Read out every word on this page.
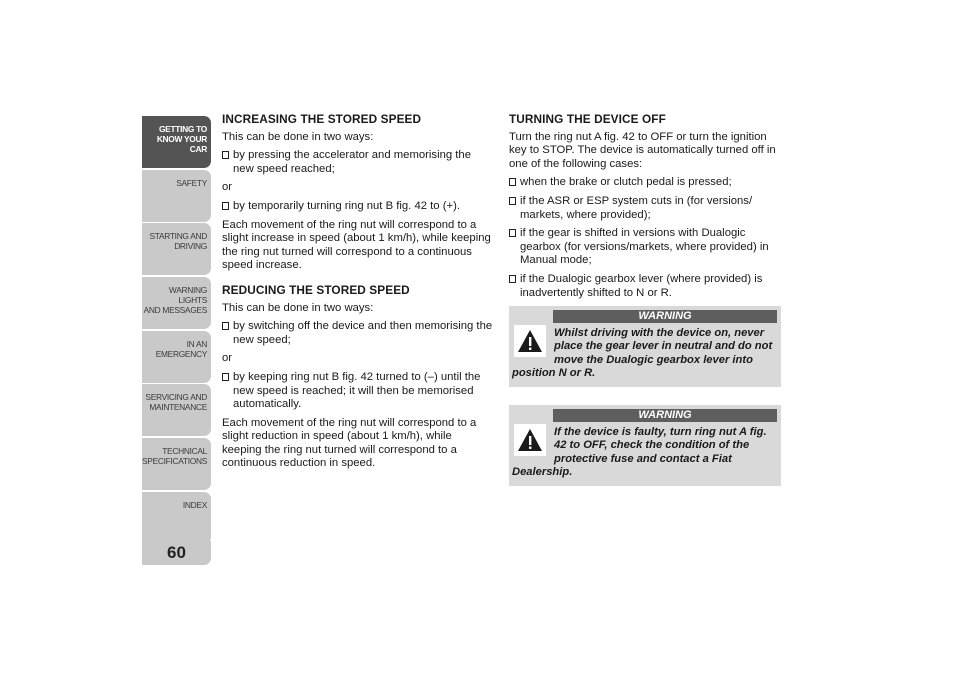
GETTING TO
KNOW YOUR CAR
SAFETY
STARTING AND
DRIVING
WARNING LIGHTS
AND MESSAGES
IN AN EMERGENCY
SERVICING AND
MAINTENANCE
TECHNICAL
SPECIFICATIONS
INDEX
60
INCREASING THE STORED SPEED

This can be done in two ways:

by pressing the accelerator and memorising the new speed reached;

or

by temporarily turning ring nut B fig. 42 to (+).

Each movement of the ring nut will correspond to a slight increase in speed (about 1 km/h), while keeping the ring nut turned will correspond to a continuous speed increase.

REDUCING THE STORED SPEED

This can be done in two ways:

by switching off the device and then memorising the new speed;

or

by keeping ring nut B fig. 42 turned to (–) until the new speed is reached; it will then be memorised automatically.

Each movement of the ring nut will correspond to a slight reduction in speed (about 1 km/h), while keeping the ring nut turned will correspond to a continuous reduction in speed.

TURNING THE DEVICE OFF

Turn the ring nut A fig. 42 to OFF or turn the ignition key to STOP. The device is automatically turned off in one of the following cases:

when the brake or clutch pedal is pressed;
if the ASR or ESP system cuts in (for versions/ markets, where provided);
if the gear is shifted in versions with Dualogic gearbox (for versions/markets, where provided) in Manual mode;
if the Dualogic gearbox lever (where provided) is inadvertently shifted to N or R.
WARNING
Whilst driving with the device on, never place the gear lever in neutral and do not move the Dualogic gearbox lever into position N or R.
WARNING
If the device is faulty, turn ring nut A fig. 42 to OFF, check the condition of the protective fuse and contact a Fiat Dealership.
